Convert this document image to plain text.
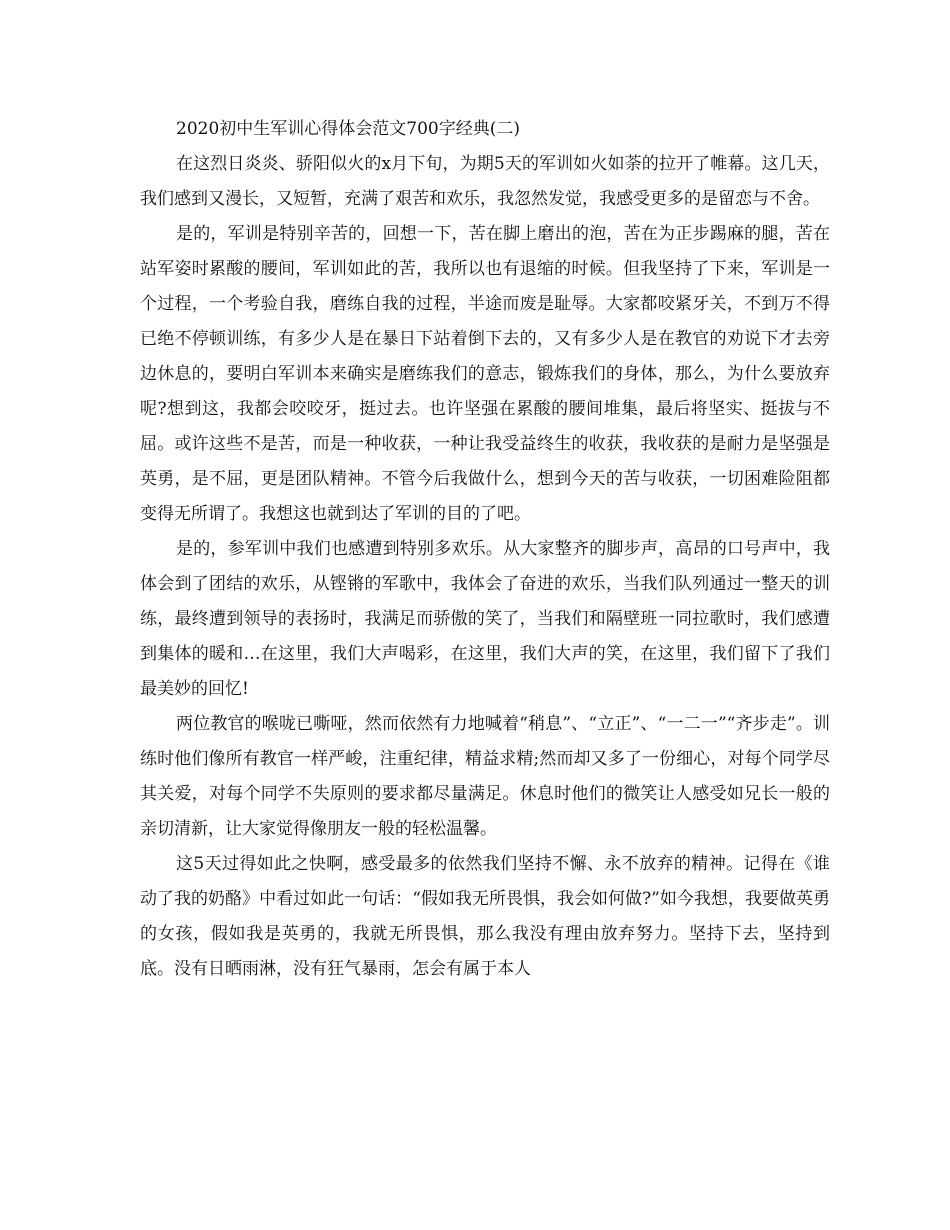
2020初中生军训心得体会范文700字经典(二)

在这烈日炎炎、骄阳似火的x月下旬，为期5天的军训如火如荼的拉开了帷幕。这几天，我们感到又漫长，又短暂，充满了艰苦和欢乐，我忽然发觉，我感受更多的是留恋与不舍。

是的，军训是特别辛苦的，回想一下，苦在脚上磨出的泡，苦在为正步踢麻的腿，苦在站军姿时累酸的腰间，军训如此的苦，我所以也有退缩的时候。但我坚持了下来，军训是一个过程，一个考验自我，磨练自我的过程，半途而废是耻辱。大家都咬紧牙关，不到万不得已绝不停顿训练，有多少人是在暴日下站着倒下去的，又有多少人是在教官的劝说下才去旁边休息的，要明白军训本来确实是磨练我们的意志，锻炼我们的身体，那么，为什么要放弃呢?想到这，我都会咬咬牙，挺过去。也许坚强在累酸的腰间堆集，最后将坚实、挺拔与不屈。或许这些不是苦，而是一种收获，一种让我受益终生的收获，我收获的是耐力是坚强是英勇，是不屈，更是团队精神。不管今后我做什么，想到今天的苦与收获，一切困难险阻都变得无所谓了。我想这也就到达了军训的目的了吧。

是的，参军训中我们也感遭到特别多欢乐。从大家整齐的脚步声，高昂的口号声中，我体会到了团结的欢乐，从铿锵的军歌中，我体会了奋进的欢乐，当我们队列通过一整天的训练，最终遭到领导的表扬时，我满足而骄傲的笑了，当我们和隔壁班一同拉歌时，我们感遭到集体的暖和…在这里，我们大声喝彩，在这里，我们大声的笑，在这里，我们留下了我们最美妙的回忆!

两位教官的喉咙已嘶哑，然而依然有力地喊着“稍息”、“立正”、“一二一”“齐步走”。训练时他们像所有教官一样严峻，注重纪律，精益求精;然而却又多了一份细心，对每个同学尽其关爱，对每个同学不失原则的要求都尽量满足。休息时他们的微笑让人感受如兄长一般的亲切清新，让大家觉得像朋友一般的轻松温馨。

这5天过得如此之快啊，感受最多的依然我们坚持不懈、永不放弃的精神。记得在《谁动了我的奶酪》中看过如此一句话：“假如我无所畏惧，我会如何做?”如今我想，我要做英勇的女孩，假如我是英勇的，我就无所畏惧，那么我没有理由放弃努力。坚持下去，坚持到底。没有日晒雨淋，没有狂气暴雨，怎会有属于本人
